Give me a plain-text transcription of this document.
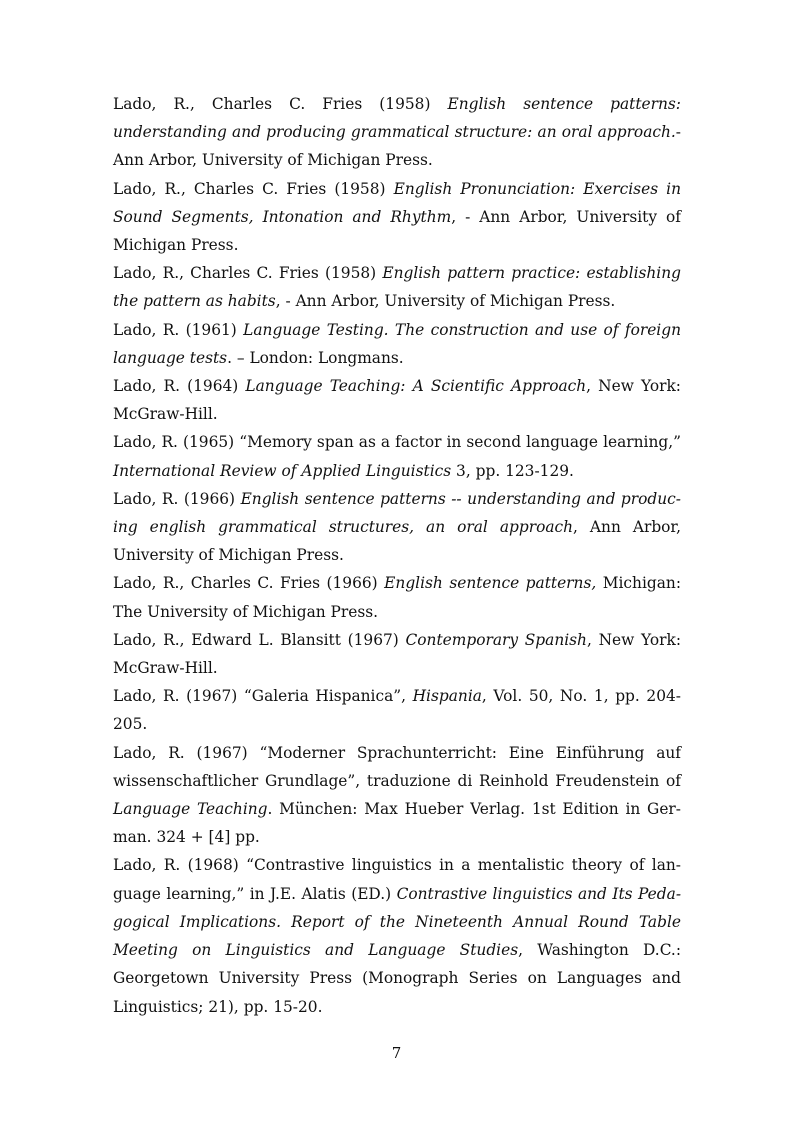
Lado, R., Charles C. Fries (1958) English sentence patterns: understanding and producing grammatical structure: an oral approach.- Ann Arbor, University of Michigan Press.

Lado, R., Charles C. Fries (1958) English Pronunciation: Exercises in Sound Segments, Intonation and Rhythm, - Ann Arbor, University of Michigan Press.

Lado, R., Charles C. Fries (1958) English pattern practice: establishing the pattern as habits, - Ann Arbor, University of Michigan Press.

Lado, R. (1961) Language Testing. The construction and use of foreign language tests. – London: Longmans.

Lado, R. (1964) Language Teaching: A Scientific Approach, New York: McGraw-Hill.

Lado, R. (1965) “Memory span as a factor in second language learning,” International Review of Applied Linguistics 3, pp. 123-129.

Lado, R. (1966) English sentence patterns -- understanding and producing english grammatical structures, an oral approach, Ann Arbor, University of Michigan Press.

Lado, R., Charles C. Fries (1966) English sentence patterns, Michigan: The University of Michigan Press.

Lado, R., Edward L. Blansitt (1967) Contemporary Spanish, New York: McGraw-Hill.

Lado, R. (1967) “Galeria Hispanica”, Hispania, Vol. 50, No. 1, pp. 204-205.

Lado, R. (1967) “Moderner Sprachunterricht: Eine Einführung auf wissenschaftlicher Grundlage”, traduzione di Reinhold Freudenstein of Language Teaching. München: Max Hueber Verlag. 1st Edition in German. 324 + [4] pp.

Lado, R. (1968) “Contrastive linguistics in a mentalistic theory of language learning,” in J.E. Alatis (ED.) Contrastive linguistics and Its Pedagogical Implications. Report of the Nineteenth Annual Round Table Meeting on Linguistics and Language Studies, Washington D.C.: Georgetown University Press (Monograph Series on Languages and Linguistics; 21), pp. 15-20.

7
